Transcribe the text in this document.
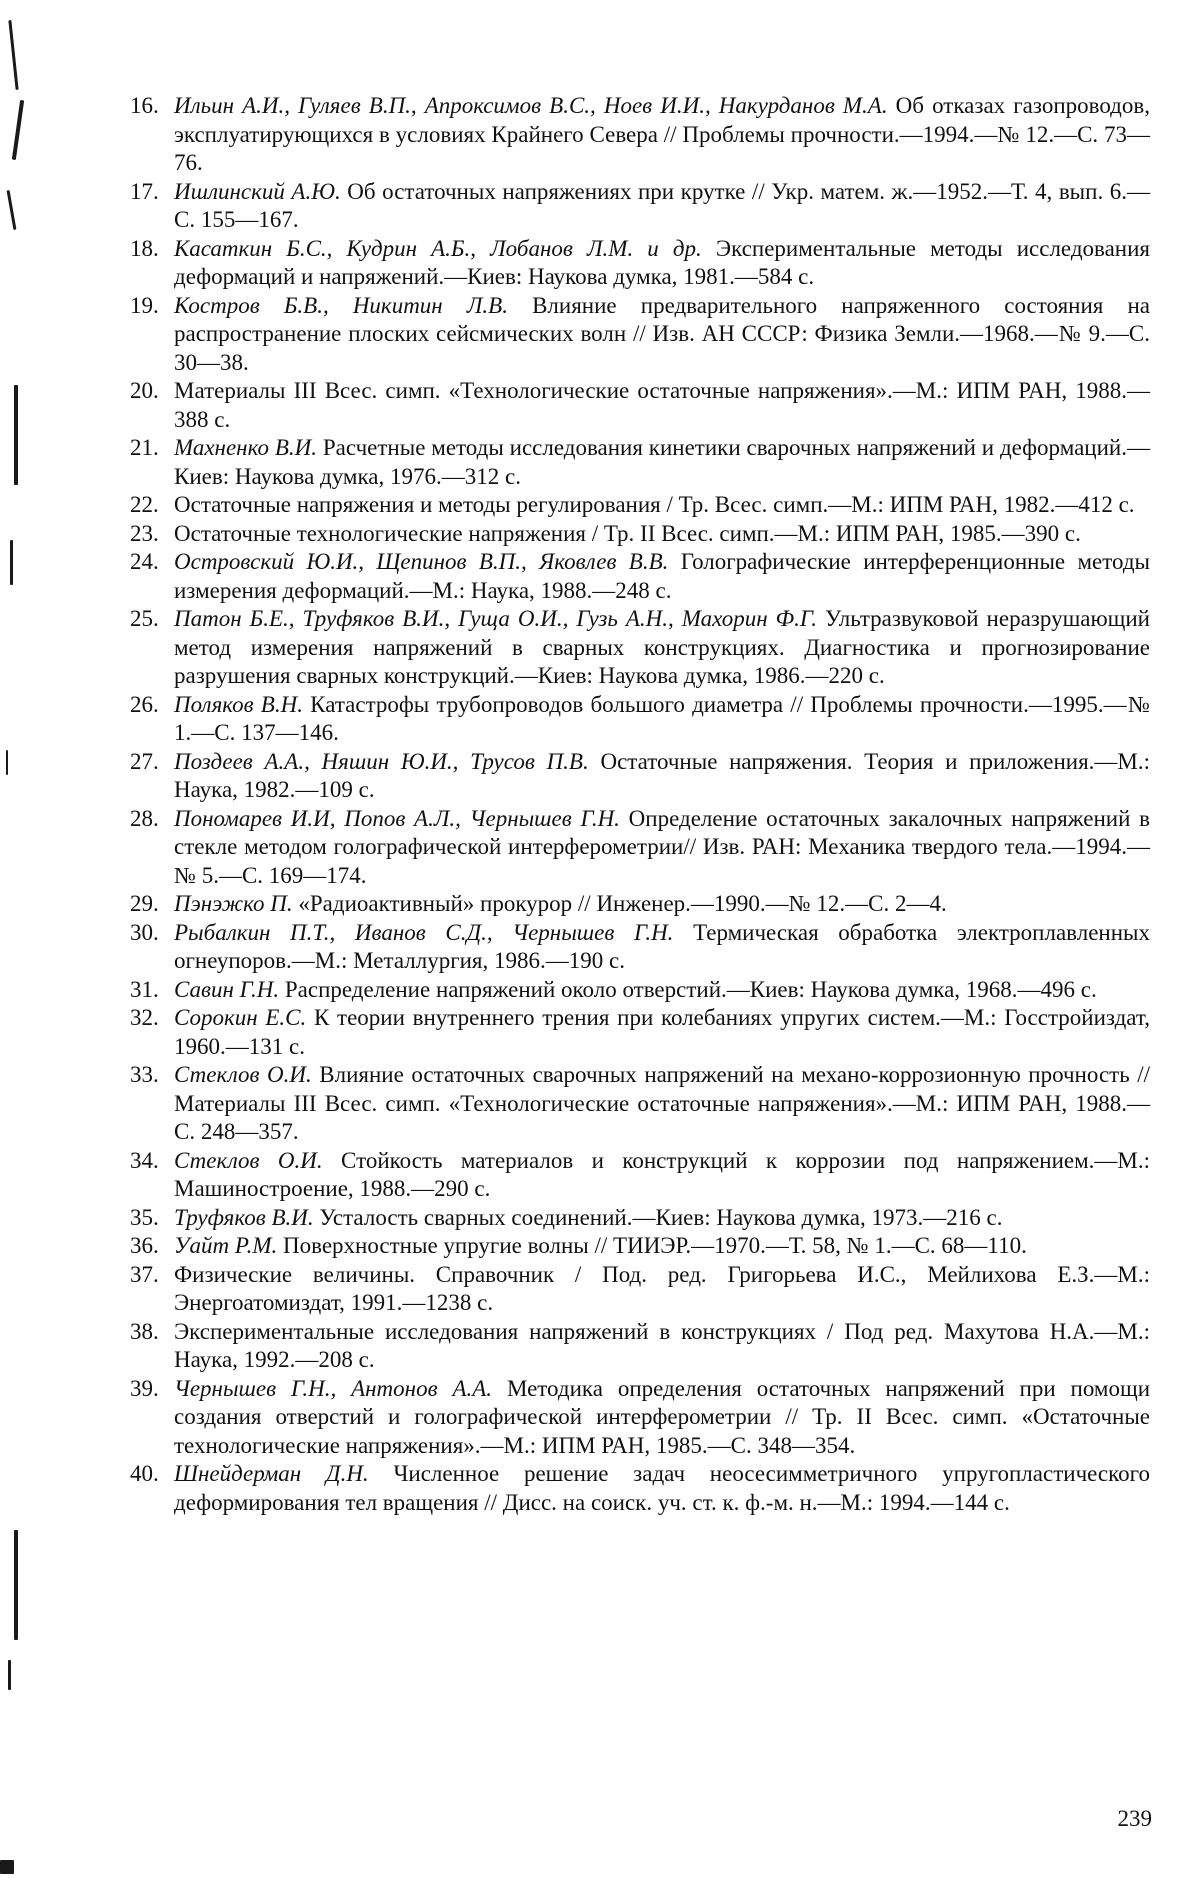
16. Ильин А.И., Гуляев В.П., Апроксимов В.С., Ноев И.И., Накурданов М.А. Об отказах газопроводов, эксплуатирующихся в условиях Крайнего Севера // Проблемы прочности.—1994.—№ 12.—С. 73—76.
17. Ишлинский А.Ю. Об остаточных напряжениях при крутке // Укр. матем. ж.—1952.—Т. 4, вып. 6.—С. 155—167.
18. Касаткин Б.С., Кудрин А.Б., Лобанов Л.М. и др. Экспериментальные методы исследования деформаций и напряжений.—Киев: Наукова думка, 1981.—584 с.
19. Костров Б.В., Никитин Л.В. Влияние предварительного напряженного состояния на распространение плоских сейсмических волн // Изв. АН СССР: Физика Земли.—1968.—№ 9.—С. 30—38.
20. Материалы III Всес. симп. «Технологические остаточные напряжения».—М.: ИПМ РАН, 1988.—388 с.
21. Махненко В.И. Расчетные методы исследования кинетики сварочных напряжений и деформаций.—Киев: Наукова думка, 1976.—312 с.
22. Остаточные напряжения и методы регулирования / Тр. Всес. симп.—М.: ИПМ РАН, 1982.—412 с.
23. Остаточные технологические напряжения / Тр. II Всес. симп.—М.: ИПМ РАН, 1985.—390 с.
24. Островский Ю.И., Щепинов В.П., Яковлев В.В. Голографические интерференционные методы измерения деформаций.—М.: Наука, 1988.—248 с.
25. Патон Б.Е., Труфяков В.И., Гуща О.И., Гузь А.Н., Махорин Ф.Г. Ультразвуковой неразрушающий метод измерения напряжений в сварных конструкциях. Диагностика и прогнозирование разрушения сварных конструкций.—Киев: Наукова думка, 1986.—220 с.
26. Поляков В.Н. Катастрофы трубопроводов большого диаметра // Проблемы прочности.—1995.—№ 1.—С. 137—146.
27. Поздеев А.А., Няшин Ю.И., Трусов П.В. Остаточные напряжения. Теория и приложения.—М.: Наука, 1982.—109 с.
28. Пономарев И.И, Попов А.Л., Чернышев Г.Н. Определение остаточных закалочных напряжений в стекле методом голографической интерферометрии// Изв. РАН: Механика твердого тела.—1994.—№ 5.—С. 169—174.
29. Пэнэжко П. «Радиоактивный» прокурор // Инженер.—1990.—№ 12.—С. 2—4.
30. Рыбалкин П.Т., Иванов С.Д., Чернышев Г.Н. Термическая обработка электроплавленных огнеупоров.—М.: Металлургия, 1986.—190 с.
31. Савин Г.Н. Распределение напряжений около отверстий.—Киев: Наукова думка, 1968.—496 с.
32. Сорокин Е.С. К теории внутреннего трения при колебаниях упругих систем.—М.: Госстройиздат, 1960.—131 с.
33. Стеклов О.И. Влияние остаточных сварочных напряжений на механо-коррозионную прочность // Материалы III Всес. симп. «Технологические остаточные напряжения».—М.: ИПМ РАН, 1988.— С. 248—357.
34. Стеклов О.И. Стойкость материалов и конструкций к коррозии под напряжением.—М.: Машиностроение, 1988.—290 с.
35. Труфяков В.И. Усталость сварных соединений.—Киев: Наукова думка, 1973.—216 с.
36. Уайт Р.М. Поверхностные упругие волны // ТИИЭР.—1970.—Т. 58, № 1.—С. 68—110.
37. Физические величины. Справочник / Под. ред. Григорьева И.С., Мейлихова Е.З.—М.: Энергоатомиздат, 1991.—1238 с.
38. Экспериментальные исследования напряжений в конструкциях / Под ред. Махутова Н.А.—М.: Наука, 1992.—208 с.
39. Чернышев Г.Н., Антонов А.А. Методика определения остаточных напряжений при помощи создания отверстий и голографической интерферометрии // Тр. II Всес. симп. «Остаточные технологические напряжения».—М.: ИПМ РАН, 1985.—С. 348—354.
40. Шнейдерман Д.Н. Численное решение задач неосесимметричного упругопластического деформирования тел вращения // Дисс. на соиск. уч. ст. к. ф.-м. н.—М.: 1994.—144 с.
239
